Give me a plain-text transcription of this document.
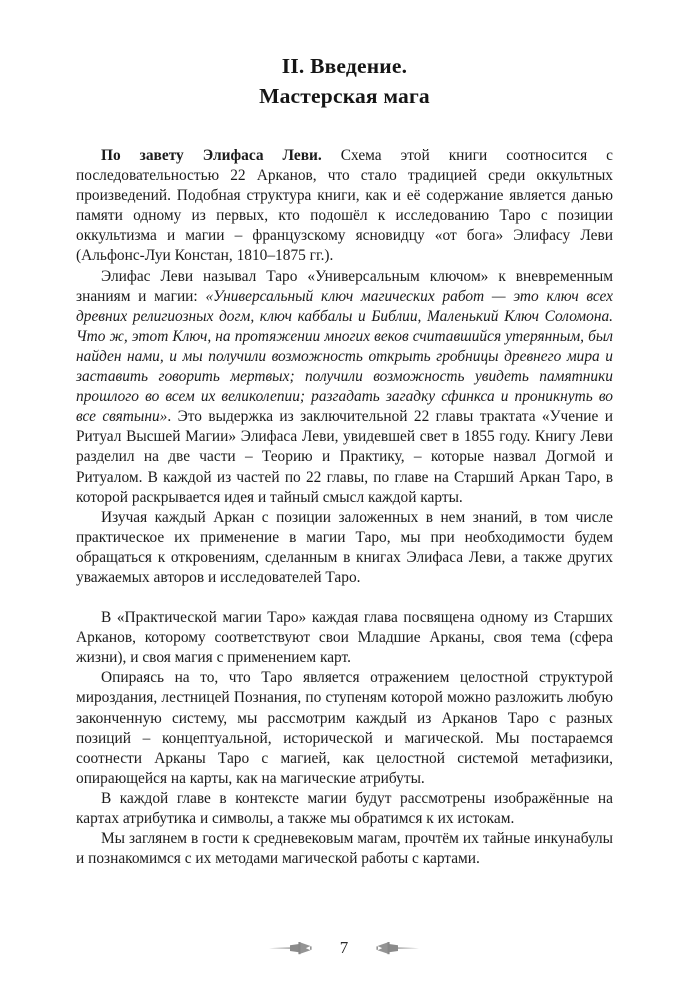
II. Введение.
Мастерская мага

По завету Элифаса Леви. Схема этой книги соотносится с последовательностью 22 Арканов, что стало традицией среди оккультных произведений. Подобная структура книги, как и её содержание является данью памяти одному из первых, кто подошёл к исследованию Таро с позиции оккультизма и магии – французскому ясновидцу «от бога» Элифасу Леви (Альфонс-Луи Констан, 1810–1875 гг.).

Элифас Леви называл Таро «Универсальным ключом» к вневременным знаниям и магии: «Универсальный ключ магических работ — это ключ всех древних религиозных догм, ключ каббалы и Библии, Маленький Ключ Соломона. Что ж, этот Ключ, на протяжении многих веков считавшийся утерянным, был найден нами, и мы получили возможность открыть гробницы древнего мира и заставить говорить мертвых; получили возможность увидеть памятники прошлого во всем их великолепии; разгадать загадку сфинкса и проникнуть во все святыни». Это выдержка из заключительной 22 главы трактата «Учение и Ритуал Высшей Магии» Элифаса Леви, увидевшей свет в 1855 году. Книгу Леви разделил на две части – Теорию и Практику, – которые назвал Догмой и Ритуалом. В каждой из частей по 22 главы, по главе на Старший Аркан Таро, в которой раскрывается идея и тайный смысл каждой карты.

Изучая каждый Аркан с позиции заложенных в нем знаний, в том числе практическое их применение в магии Таро, мы при необходимости будем обращаться к откровениям, сделанным в книгах Элифаса Леви, а также других уважаемых авторов и исследователей Таро.

В «Практической магии Таро» каждая глава посвящена одному из Старших Арканов, которому соответствуют свои Младшие Арканы, своя тема (сфера жизни), и своя магия с применением карт.

Опираясь на то, что Таро является отражением целостной структурой мироздания, лестницей Познания, по ступеням которой можно разложить любую законченную систему, мы рассмотрим каждый из Арканов Таро с разных позиций – концептуальной, исторической и магической. Мы постараемся соотнести Арканы Таро с магией, как целостной системой метафизики, опирающейся на карты, как на магические атрибуты.

В каждой главе в контексте магии будут рассмотрены изображённые на картах атрибутика и символы, а также мы обратимся к их истокам.

Мы заглянем в гости к средневековым магам, прочтём их тайные инкунабулы и познакомимся с их методами магической работы с картами.

7
